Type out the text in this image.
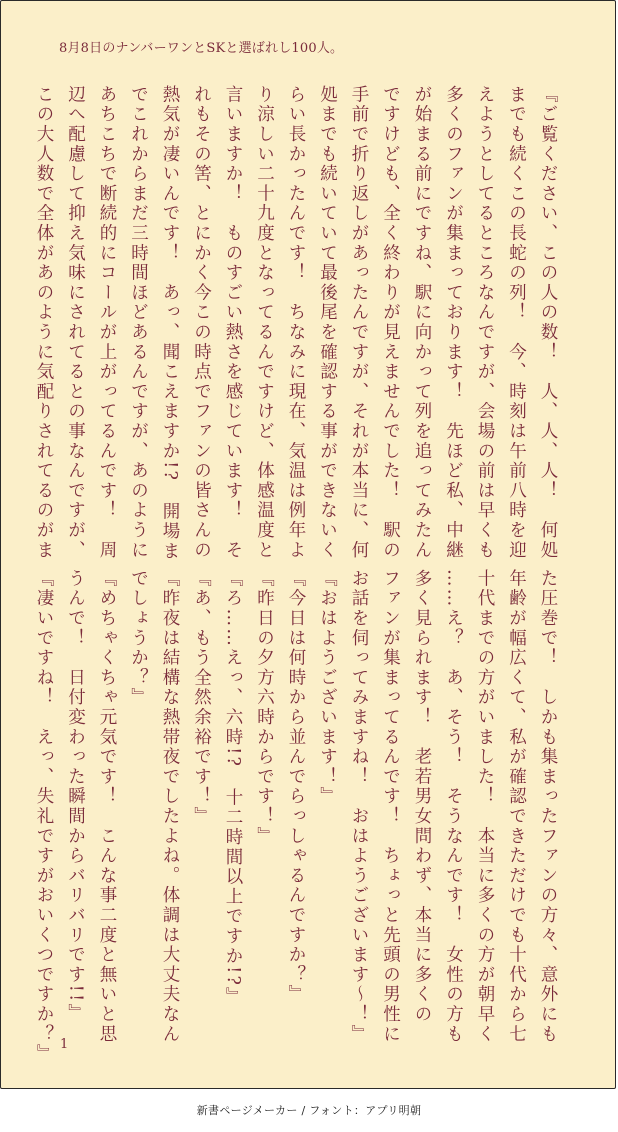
8月8日のナンバーワンとSKと選ばれし100人。
『ご覧ください、この人の数！　人、人、人！　何処
までも続くこの長蛇の列！　今、時刻は午前八時を迎
えようとしてるところなんですが、会場の前は早くも
多くのファンが集まっております！　先ほど私、中継
が始まる前にですね、駅に向かって列を追ってみたん
ですけども、全く終わりが見えませんでした！　駅の
手前で折り返しがあったんですが、それが本当に、何
処までも続いていて最後尾を確認する事ができないく
らい長かったんです！　ちなみに現在、気温は例年よ
り涼しい二十九度となってるんですけど、体感温度と
言いますか！　ものすごい熱さを感じています！　そ
れもその筈、とにかく今この時点でファンの皆さんの
熱気が凄いんです！　あっ、聞こえますか!?　開場ま
でこれからまだ三時間ほどあるんですが、あのように
あちこちで断続的にコールが上がってるんです！　周
辺へ配慮して抑え気味にされてるとの事なんですが、
この大人数で全体があのように気配りされてるのがま
た圧巻で！　しかも集まったファンの方々、意外にも
年齢が幅広くて、私が確認できただけでも十代から七
十代までの方がいました！　本当に多くの方が朝早く
……え？　あ、そう！　そうなんです！　女性の方も
多く見られます！　老若男女問わず、本当に多くの
ファンが集まってるんです！　ちょっと先頭の男性に
お話を伺ってみますね！　おはようございます～！』
『おはようございます！』
『今日は何時から並んでらっしゃるんですか？』
『昨日の夕方六時からです！』
『ろ……えっ、六時!?　十二時間以上ですか!?』
『あ、もう全然余裕です！』
『昨夜は結構な熱帯夜でしたよね。体調は大丈夫なん
でしょうか？』
『めちゃくちゃ元気です！　こんな事二度と無いと思
うんで！　日付変わった瞬間からバリバリです!!』
『凄いですね！　えっ、失礼ですがおいくつですか？』 1
新書ページメーカー / フォント：アプリ明朝
